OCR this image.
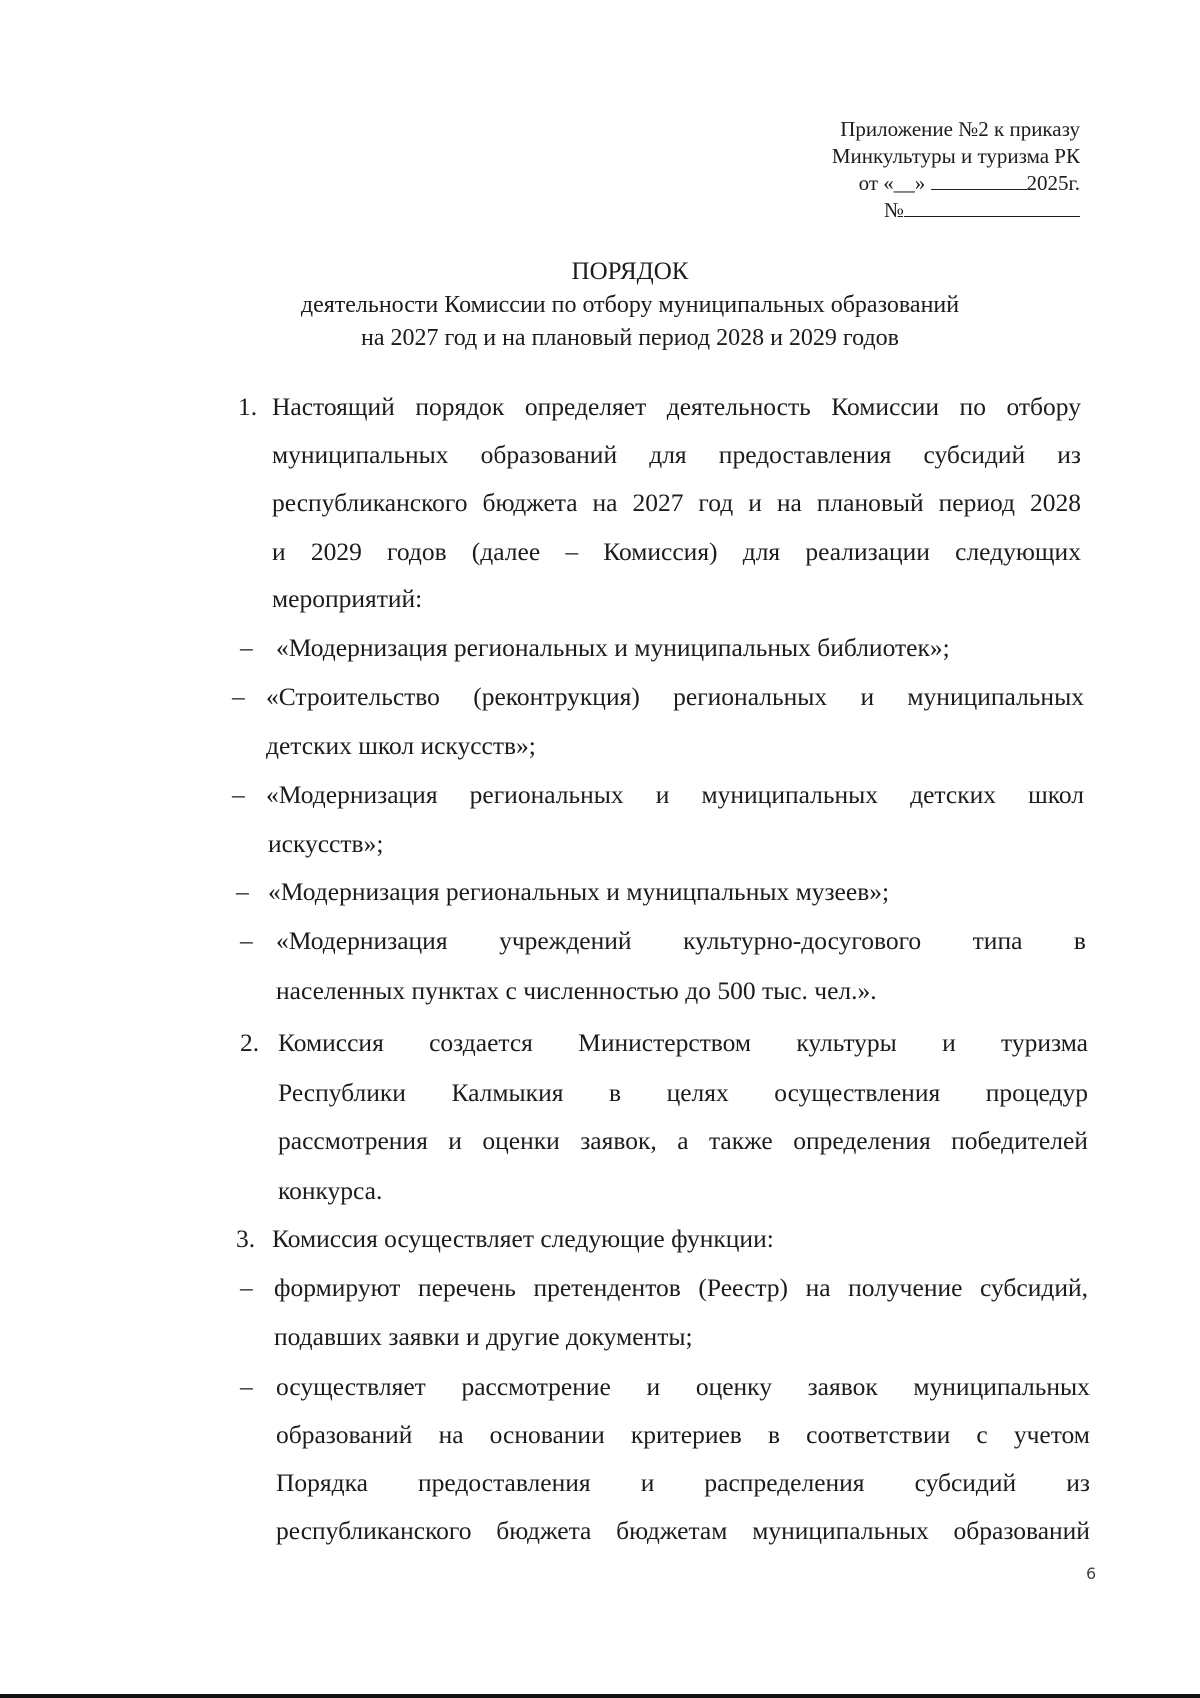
Приложение №2 к приказу
Минкультуры и туризма РК
от «__»	2025г.
№
ПОРЯДОК
деятельности Комиссии по отбору муниципальных образований
на 2027 год и на плановый период 2028 и 2029 годов
1. Настоящий порядок определяет деятельность Комиссии по отбору
муниципальных образований для предоставления субсидий из
республиканского бюджета на 2027 год и на плановый период 2028
и 2029 годов (далее – Комиссия) для реализации следующих
мероприятий:
– «Модернизация региональных и муниципальных библиотек»;
– «Строительство (реконтрукция) региональных и муниципальных
детских школ искусств»;
– «Модернизация региональных и муниципальных детских школ
искусств»;
– «Модернизация региональных и муницпальных музеев»;
– «Модернизация учреждений культурно-досугового типа в
населенных пунктах с численностью до 500 тыс. чел.».
2. Комиссия создается Министерством культуры и туризма
Республики Калмыкия в целях осуществления процедур
рассмотрения и оценки заявок, а также определения победителей
конкурса.
3. Комиссия осуществляет следующие функции:
– формируют перечень претендентов (Реестр) на получение субсидий,
подавших заявки и другие документы;
– осуществляет рассмотрение и оценку заявок муниципальных
образований на основании критериев в соответствии с учетом
Порядка предоставления и распределения субсидий из
республиканского бюджета бюджетам муниципальных образований
6
